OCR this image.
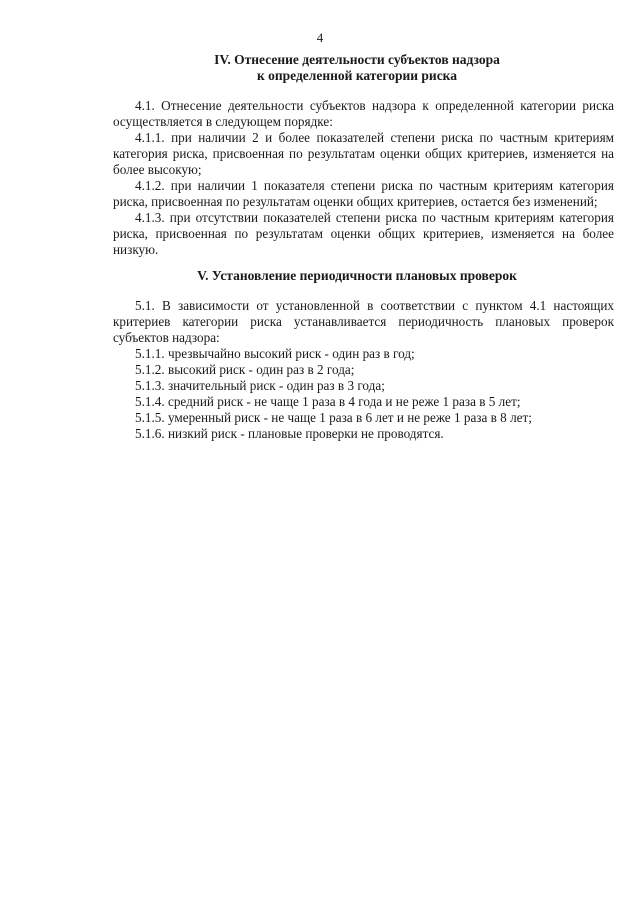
4
IV. Отнесение деятельности субъектов надзора
к определенной категории риска

4.1. Отнесение деятельности субъектов надзора к определенной категории риска осуществляется в следующем порядке:

4.1.1. при наличии 2 и более показателей степени риска по частным критериям категория риска, присвоенная по результатам оценки общих критериев, изменяется на более высокую;

4.1.2. при наличии 1 показателя степени риска по частным критериям категория риска, присвоенная по результатам оценки общих критериев, остается без изменений;

4.1.3. при отсутствии показателей степени риска по частным критериям категория риска, присвоенная по результатам оценки общих критериев, изменяется на более низкую.

V. Установление периодичности плановых проверок

5.1. В зависимости от установленной в соответствии с пунктом 4.1 настоящих критериев категории риска устанавливается периодичность плановых проверок субъектов надзора:

5.1.1. чрезвычайно высокий риск - один раз в год;

5.1.2. высокий риск - один раз в 2 года;

5.1.3. значительный риск - один раз в 3 года;

5.1.4. средний риск - не чаще 1 раза в 4 года и не реже 1 раза в 5 лет;

5.1.5. умеренный риск - не чаще 1 раза в 6 лет и не реже 1 раза в 8 лет;

5.1.6. низкий риск - плановые проверки не проводятся.
